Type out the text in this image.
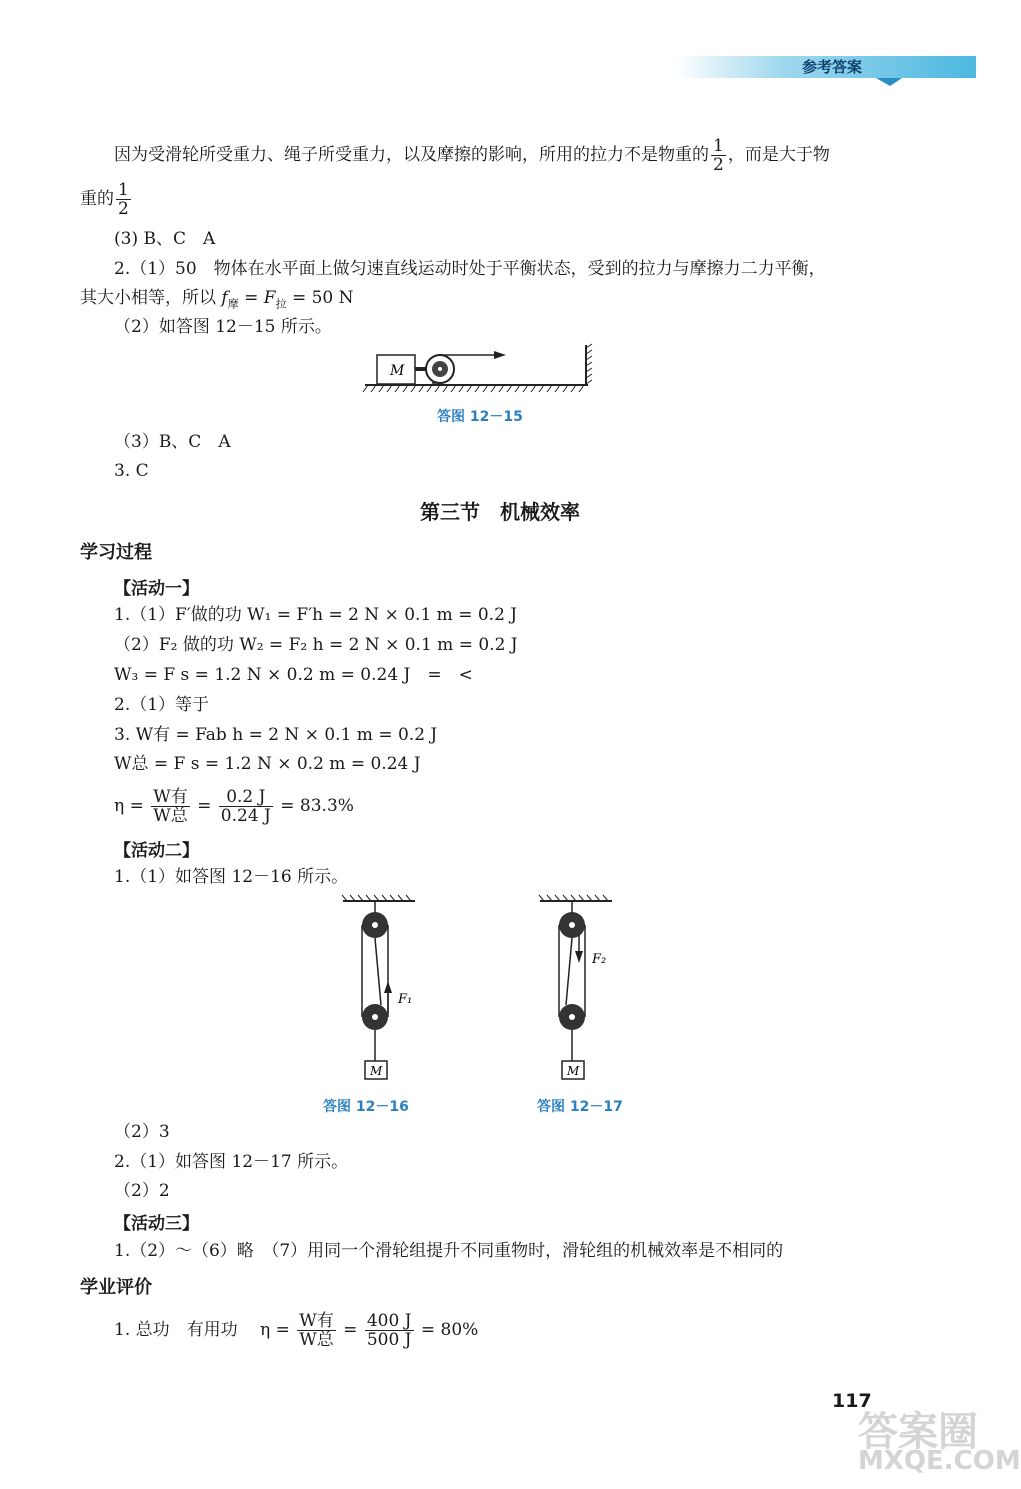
参考答案
因为受滑轮所受重力、绳子所受重力，以及摩擦的影响，所用的拉力不是物重的 $\frac{1}{2}$ ，而是大于物
重的 $\frac{1}{2}$
(3) B、C　A
2.（1）50　物体在水平面上做匀速直线运动时处于平衡状态，受到的拉力与摩擦力二力平衡，
其大小相等，所以 $f_摩 = F_拉 = 50$ N
（2）如答图 12－15 所示。
M
答图 12－15
（3）B、C　A
3. C
第三节　机械效率
学习过程
【活动一】
1.（1）F′做的功 W₁ = F′h = 2 N × 0.1 m = 0.2 J
（2）F₂ 做的功 W₂ = F₂ h = 2 N × 0.1 m = 0.2 J
W₃ = F s = 1.2 N × 0.2 m = 0.24 J　=　<
2.（1）等于
3. W有 = Fab h = 2 N × 0.1 m = 0.2 J
W总 = F s = 1.2 N × 0.2 m = 0.24 J
$\eta = \frac{\text{W有}}{\text{W总}} = \frac{0.2 J}{0.24 J} = 83.3\%$
【活动二】
1.（1）如答图 12－16 所示。
F₁
M
答图 12－16
F₂
M
答图 12－17
（2）3
2.（1）如答图 12－17 所示。
（2）2
【活动三】
1.（2）～（6）略　（7）用同一个滑轮组提升不同重物时，滑轮组的机械效率是不相同的
学业评价
1. 总功　有用功　 $\eta = \frac{\text{W有}}{\text{W总}} = \frac{400 J}{500 J} = 80\%$
117
答案圈
MXQE.COM
